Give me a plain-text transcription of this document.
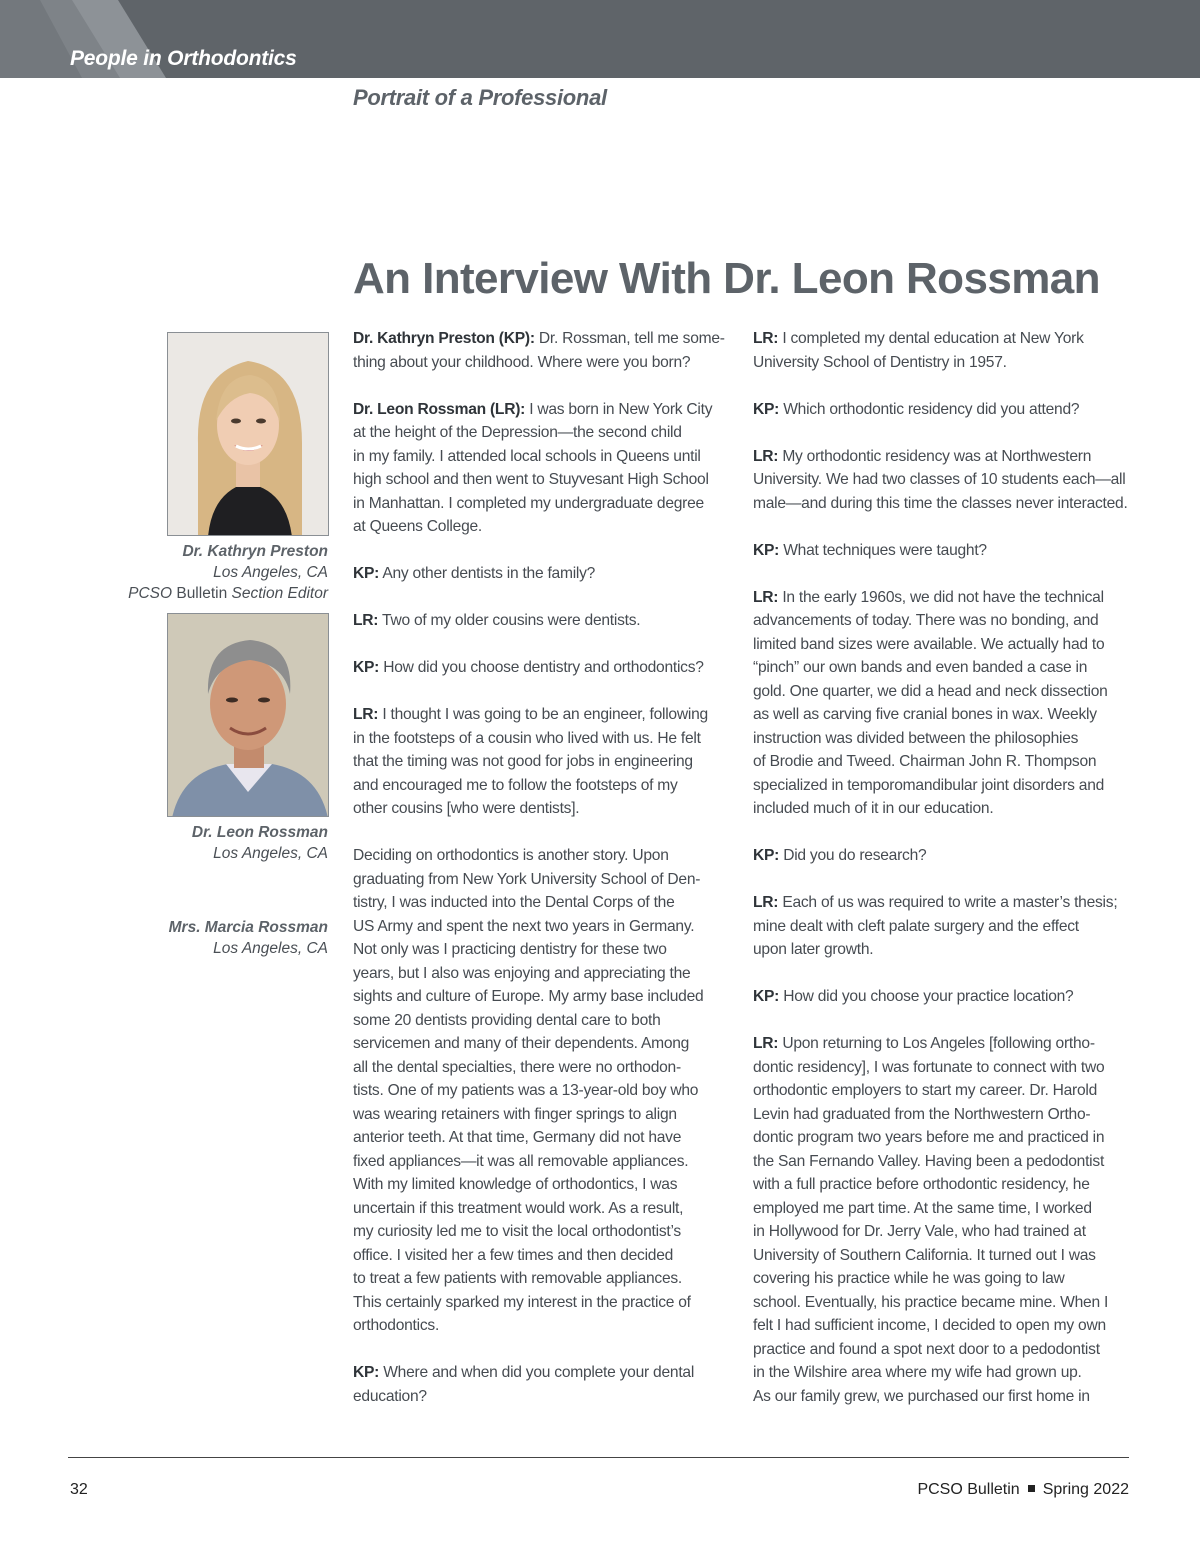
People in Orthodontics
Portrait of a Professional
An Interview With Dr. Leon Rossman
Dr. Kathryn Preston
Los Angeles, CA
PCSO Bulletin Section Editor
Dr. Leon Rossman
Los Angeles, CA
Mrs. Marcia Rossman
Los Angeles, CA

Dr. Kathryn Preston (KP): Dr. Rossman, tell me some-
thing about your childhood. Where were you born?

Dr. Leon Rossman (LR): I was born in New York City
at the height of the Depression—the second child
in my family. I attended local schools in Queens until
high school and then went to Stuyvesant High School
in Manhattan. I completed my undergraduate degree
at Queens College.

KP: Any other dentists in the family?

LR: Two of my older cousins were dentists.

KP: How did you choose dentistry and orthodontics?

LR: I thought I was going to be an engineer, following
in the footsteps of a cousin who lived with us. He felt
that the timing was not good for jobs in engineering
and encouraged me to follow the footsteps of my
other cousins [who were dentists].

Deciding on orthodontics is another story. Upon
graduating from New York University School of Den-
tistry, I was inducted into the Dental Corps of the
US Army and spent the next two years in Germany.
Not only was I practicing dentistry for these two
years, but I also was enjoying and appreciating the
sights and culture of Europe. My army base included
some 20 dentists providing dental care to both
servicemen and many of their dependents. Among
all the dental specialties, there were no orthodon-
tists. One of my patients was a 13-year-old boy who
was wearing retainers with finger springs to align
anterior teeth. At that time, Germany did not have
fixed appliances—it was all removable appliances.
With my limited knowledge of orthodontics, I was
uncertain if this treatment would work. As a result,
my curiosity led me to visit the local orthodontist’s
office. I visited her a few times and then decided
to treat a few patients with removable appliances.
This certainly sparked my interest in the practice of
orthodontics.

KP: Where and when did you complete your dental
education?

LR: I completed my dental education at New York
University School of Dentistry in 1957.

KP: Which orthodontic residency did you attend?

LR: My orthodontic residency was at Northwestern
University. We had two classes of 10 students each—all
male—and during this time the classes never interacted.

KP: What techniques were taught?

LR: In the early 1960s, we did not have the technical
advancements of today. There was no bonding, and
limited band sizes were available. We actually had to
“pinch” our own bands and even banded a case in
gold. One quarter, we did a head and neck dissection
as well as carving five cranial bones in wax. Weekly
instruction was divided between the philosophies
of Brodie and Tweed. Chairman John R. Thompson
specialized in temporomandibular joint disorders and
included much of it in our education.

KP: Did you do research?

LR: Each of us was required to write a master’s thesis;
mine dealt with cleft palate surgery and the effect
upon later growth.

KP: How did you choose your practice location?

LR: Upon returning to Los Angeles [following ortho-
dontic residency], I was fortunate to connect with two
orthodontic employers to start my career. Dr. Harold
Levin had graduated from the Northwestern Ortho-
dontic program two years before me and practiced in
the San Fernando Valley. Having been a pedodontist
with a full practice before orthodontic residency, he
employed me part time. At the same time, I worked
in Hollywood for Dr. Jerry Vale, who had trained at
University of Southern California. It turned out I was
covering his practice while he was going to law
school. Eventually, his practice became mine. When I
felt I had sufficient income, I decided to open my own
practice and found a spot next door to a pedodontist
in the Wilshire area where my wife had grown up.
As our family grew, we purchased our first home in

32	PCSO Bulletin Spring 2022
